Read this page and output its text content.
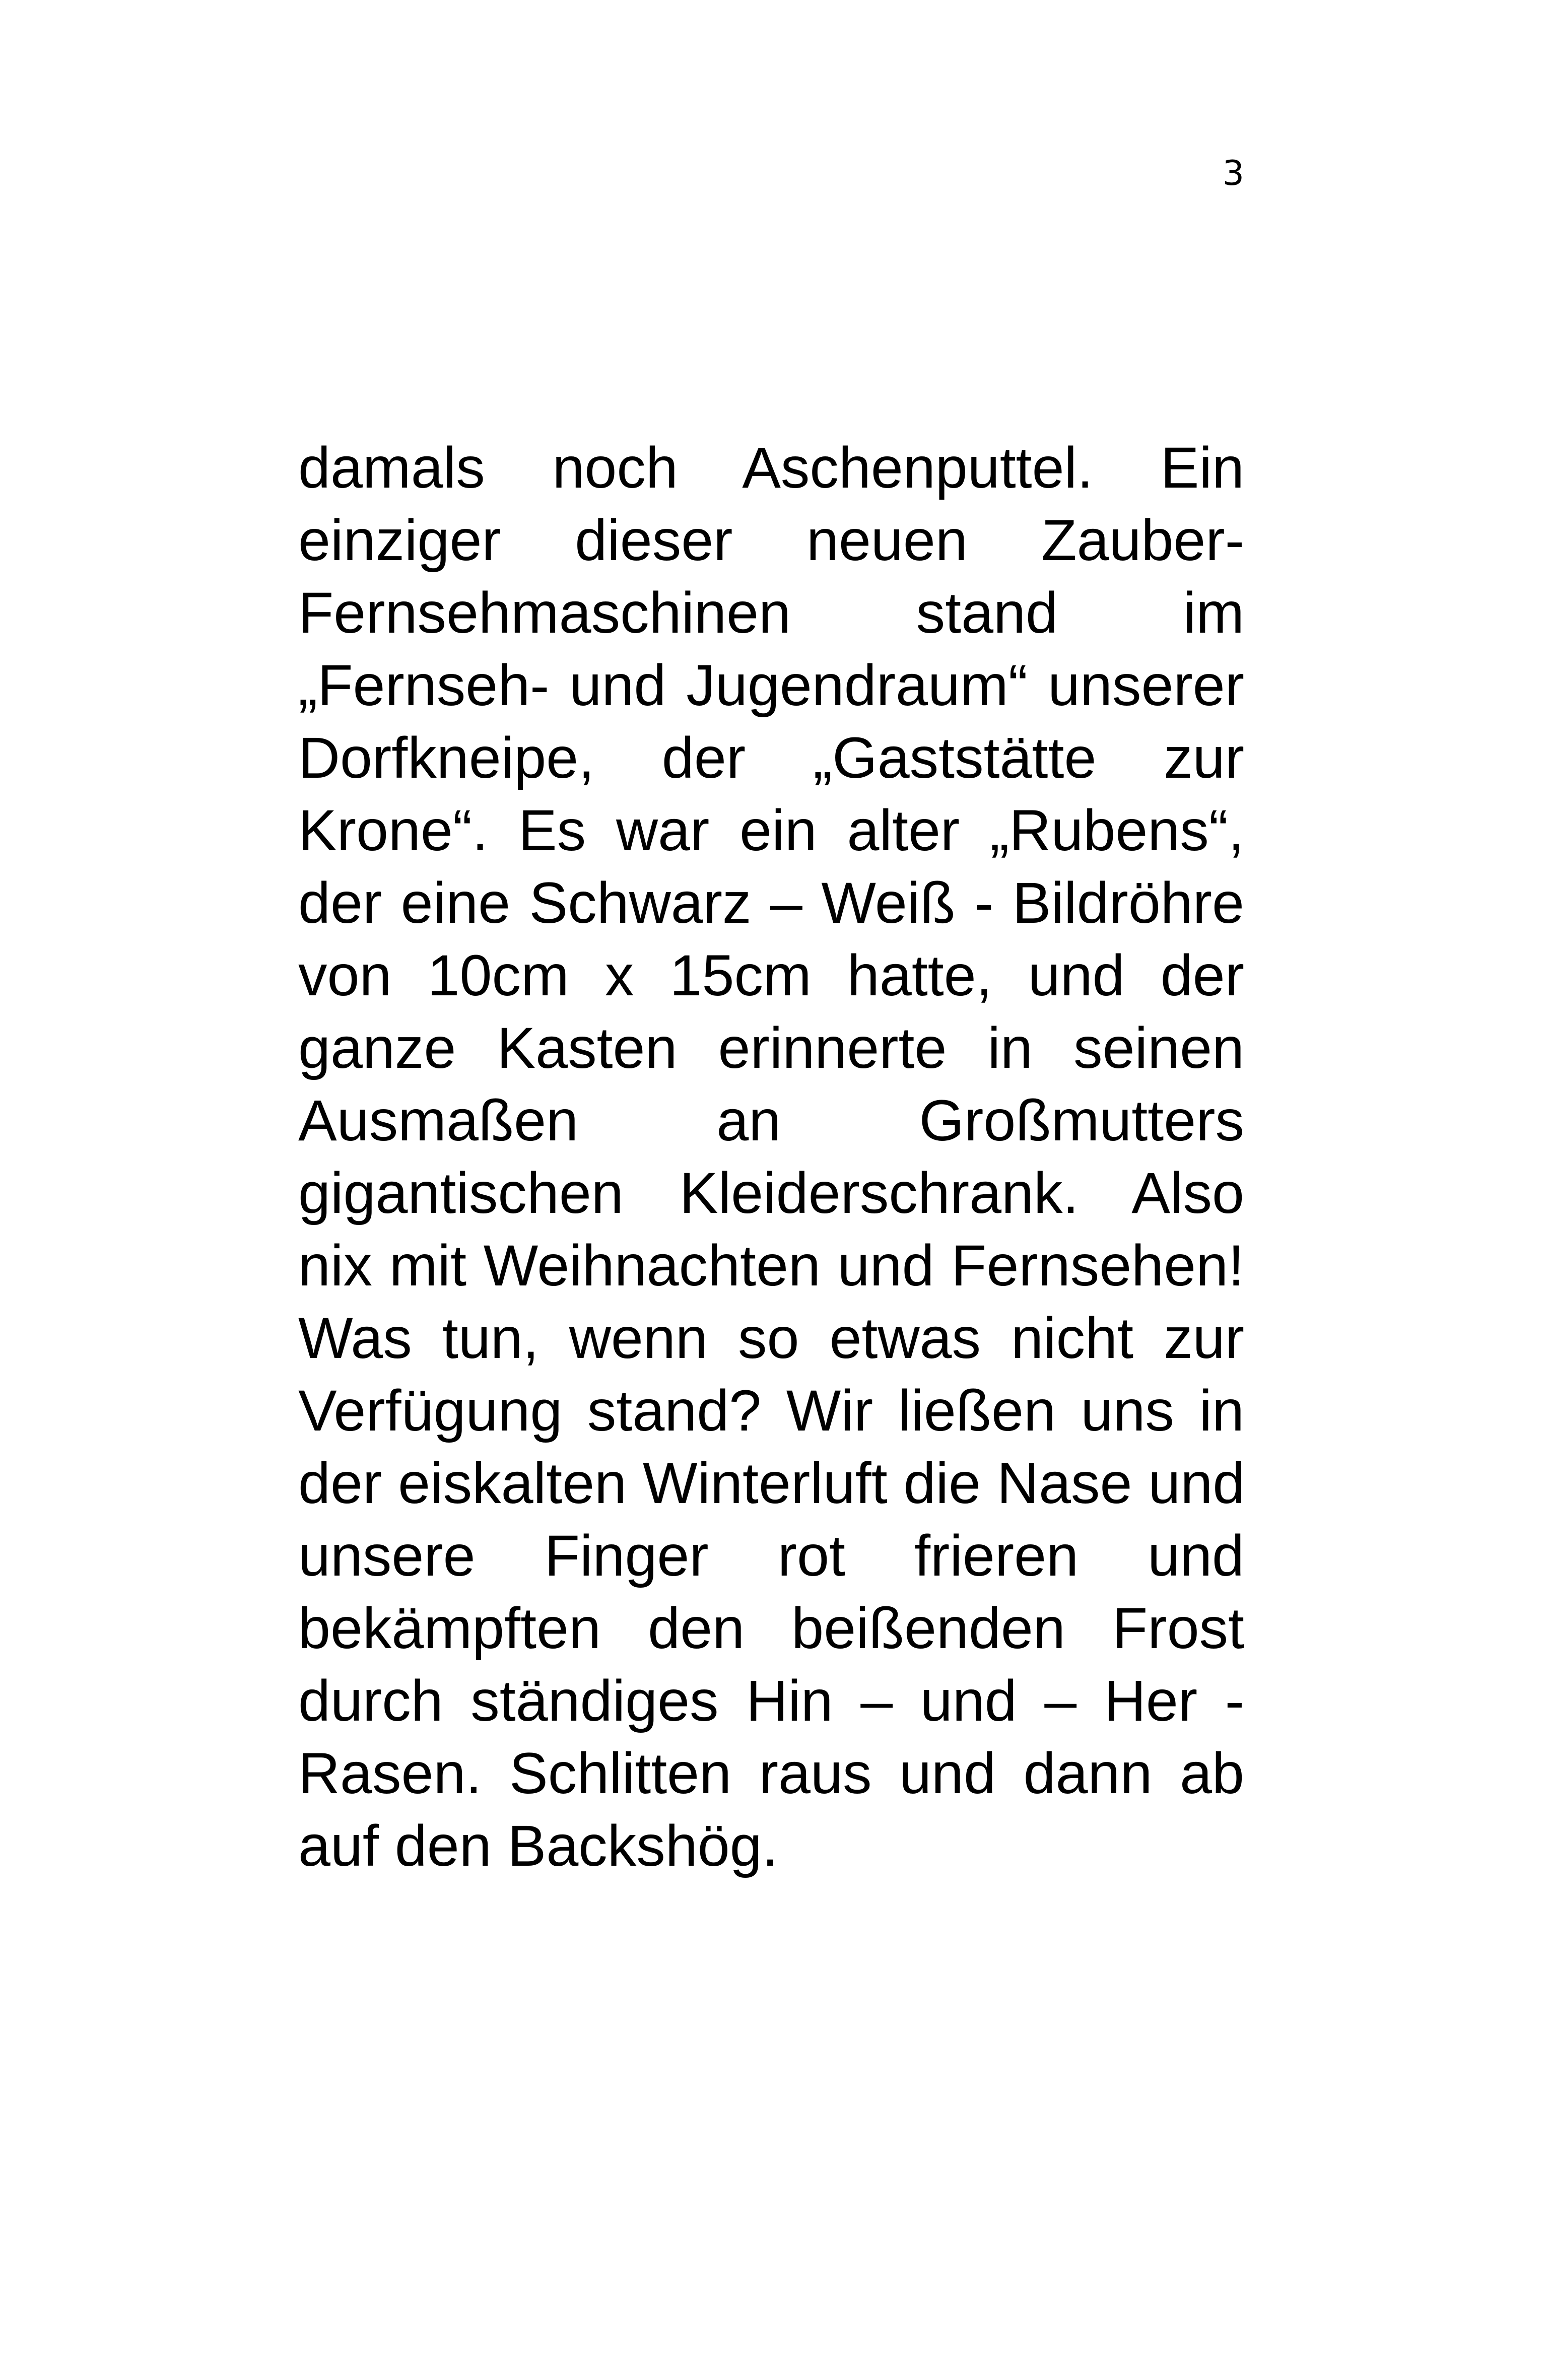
3
damals noch Aschenputtel. Ein
einziger dieser neuen Zauber-
Fernsehmaschinen stand im
„Fernseh- und Jugendraum“ unserer
Dorfkneipe, der „Gaststätte zur
Krone“. Es war ein alter „Rubens“,
der eine Schwarz – Weiß - Bildröhre
von 10cm x 15cm hatte, und der
ganze Kasten erinnerte in seinen
Ausmaßen an Großmutters
gigantischen Kleiderschrank. Also
nix mit Weihnachten und Fernsehen!
Was tun, wenn so etwas nicht zur
Verfügung stand? Wir ließen uns in
der eiskalten Winterluft die Nase und
unsere Finger rot frieren und
bekämpften den beißenden Frost
durch ständiges Hin – und – Her -
Rasen. Schlitten raus und dann ab
auf den Backshög.
